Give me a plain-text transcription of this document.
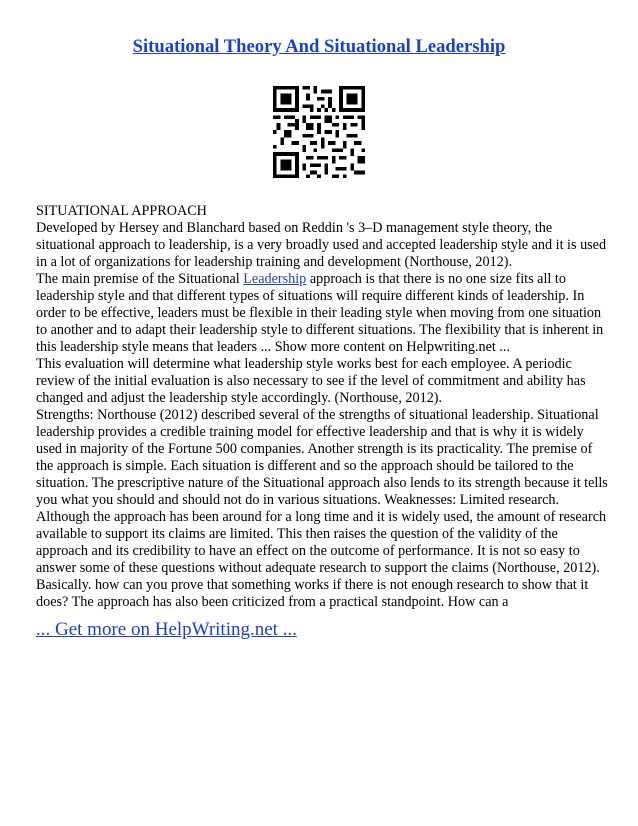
Situational Theory And Situational Leadership
SITUATIONAL APPROACH
Developed by Hersey and Blanchard based on Reddin 's 3–D management style theory, the
situational approach to leadership, is a very broadly used and accepted leadership style and it is used
in a lot of organizations for leadership training and development (Northouse, 2012).
The main premise of the Situational Leadership approach is that there is no one size fits all to
leadership style and that different types of situations will require different kinds of leadership. In
order to be effective, leaders must be flexible in their leading style when moving from one situation
to another and to adapt their leadership style to different situations. The flexibility that is inherent in
this leadership style means that leaders ... Show more content on Helpwriting.net ...
This evaluation will determine what leadership style works best for each employee. A periodic
review of the initial evaluation is also necessary to see if the level of commitment and ability has
changed and adjust the leadership style accordingly. (Northouse, 2012).
Strengths: Northouse (2012) described several of the strengths of situational leadership. Situational
leadership provides a credible training model for effective leadership and that is why it is widely
used in majority of the Fortune 500 companies. Another strength is its practicality. The premise of
the approach is simple. Each situation is different and so the approach should be tailored to the
situation. The prescriptive nature of the Situational approach also lends to its strength because it tells
you what you should and should not do in various situations. Weaknesses: Limited research.
Although the approach has been around for a long time and it is widely used, the amount of research
available to support its claims are limited. This then raises the question of the validity of the
approach and its credibility to have an effect on the outcome of performance. It is not so easy to
answer some of these questions without adequate research to support the claims (Northouse, 2012).
Basically. how can you prove that something works if there is not enough research to show that it
does? The approach has also been criticized from a practical standpoint. How can a
... Get more on HelpWriting.net ...
